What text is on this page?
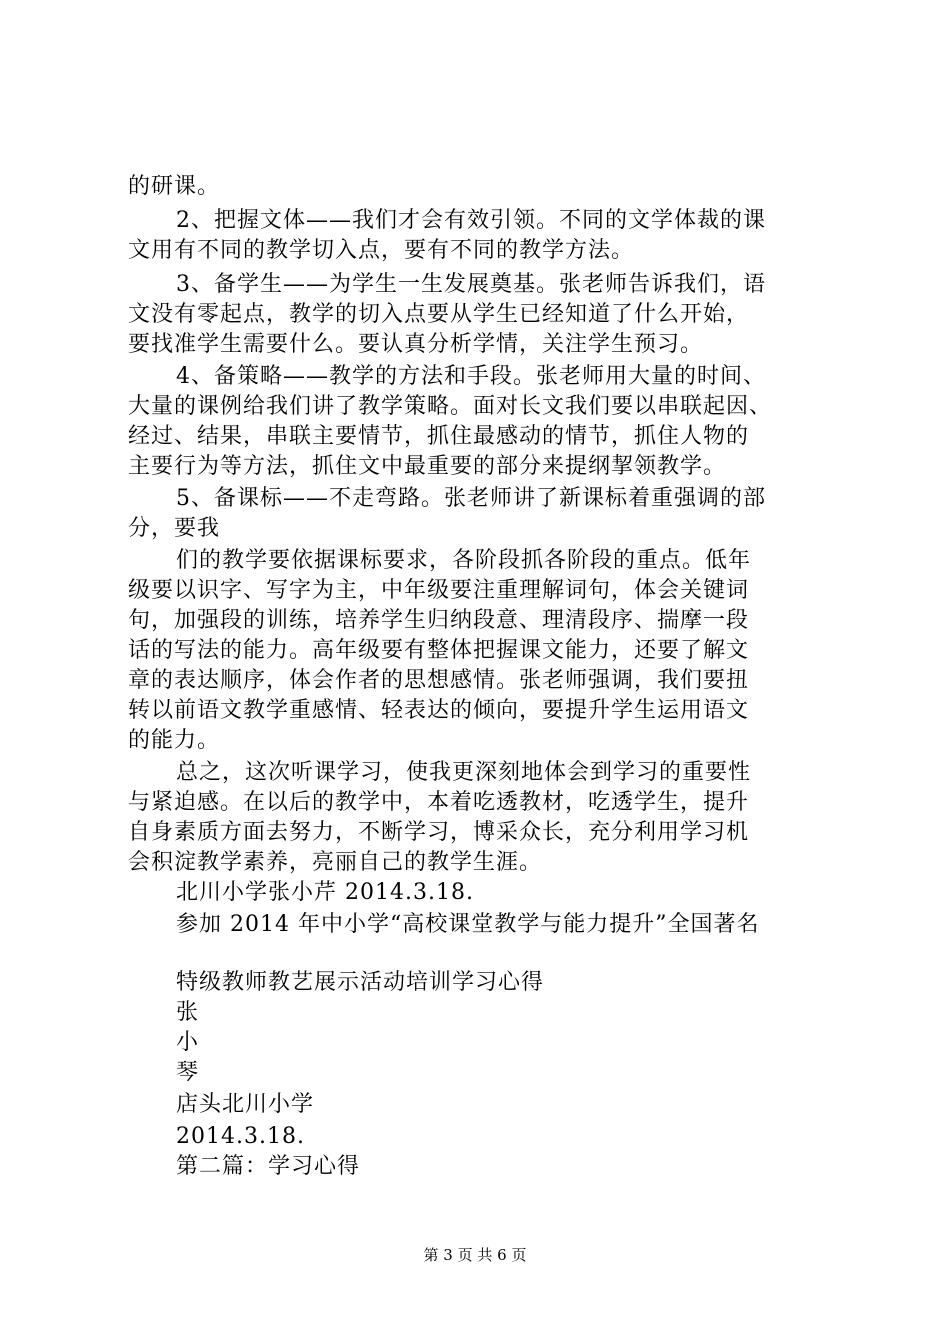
的研课。
2、把握文体——我们才会有效引领。不同的文学体裁的课
文用有不同的教学切入点，要有不同的教学方法。
3、备学生——为学生一生发展奠基。张老师告诉我们，语
文没有零起点，教学的切入点要从学生已经知道了什么开始，
要找准学生需要什么。要认真分析学情，关注学生预习。
4、备策略——教学的方法和手段。张老师用大量的时间、
大量的课例给我们讲了教学策略。面对长文我们要以串联起因、
经过、结果，串联主要情节，抓住最感动的情节，抓住人物的
主要行为等方法，抓住文中最重要的部分来提纲挈领教学。
5、备课标——不走弯路。张老师讲了新课标着重强调的部
分，要我
们的教学要依据课标要求，各阶段抓各阶段的重点。低年
级要以识字、写字为主，中年级要注重理解词句，体会关键词
句，加强段的训练，培养学生归纳段意、理清段序、揣摩一段
话的写法的能力。高年级要有整体把握课文能力，还要了解文
章的表达顺序，体会作者的思想感情。张老师强调，我们要扭
转以前语文教学重感情、轻表达的倾向，要提升学生运用语文
的能力。
总之，这次听课学习，使我更深刻地体会到学习的重要性
与紧迫感。在以后的教学中，本着吃透教材，吃透学生，提升
自身素质方面去努力，不断学习，博采众长，充分利用学习机
会积淀教学素养，亮丽自己的教学生涯。
北川小学张小芹 2014.3.18.
参加 2014 年中小学“高校课堂教学与能力提升”全国著名
特级教师教艺展示活动培训学习心得
张
小
琴
店头北川小学
2014.3.18.
第二篇：学习心得
第 3 页 共 6 页
